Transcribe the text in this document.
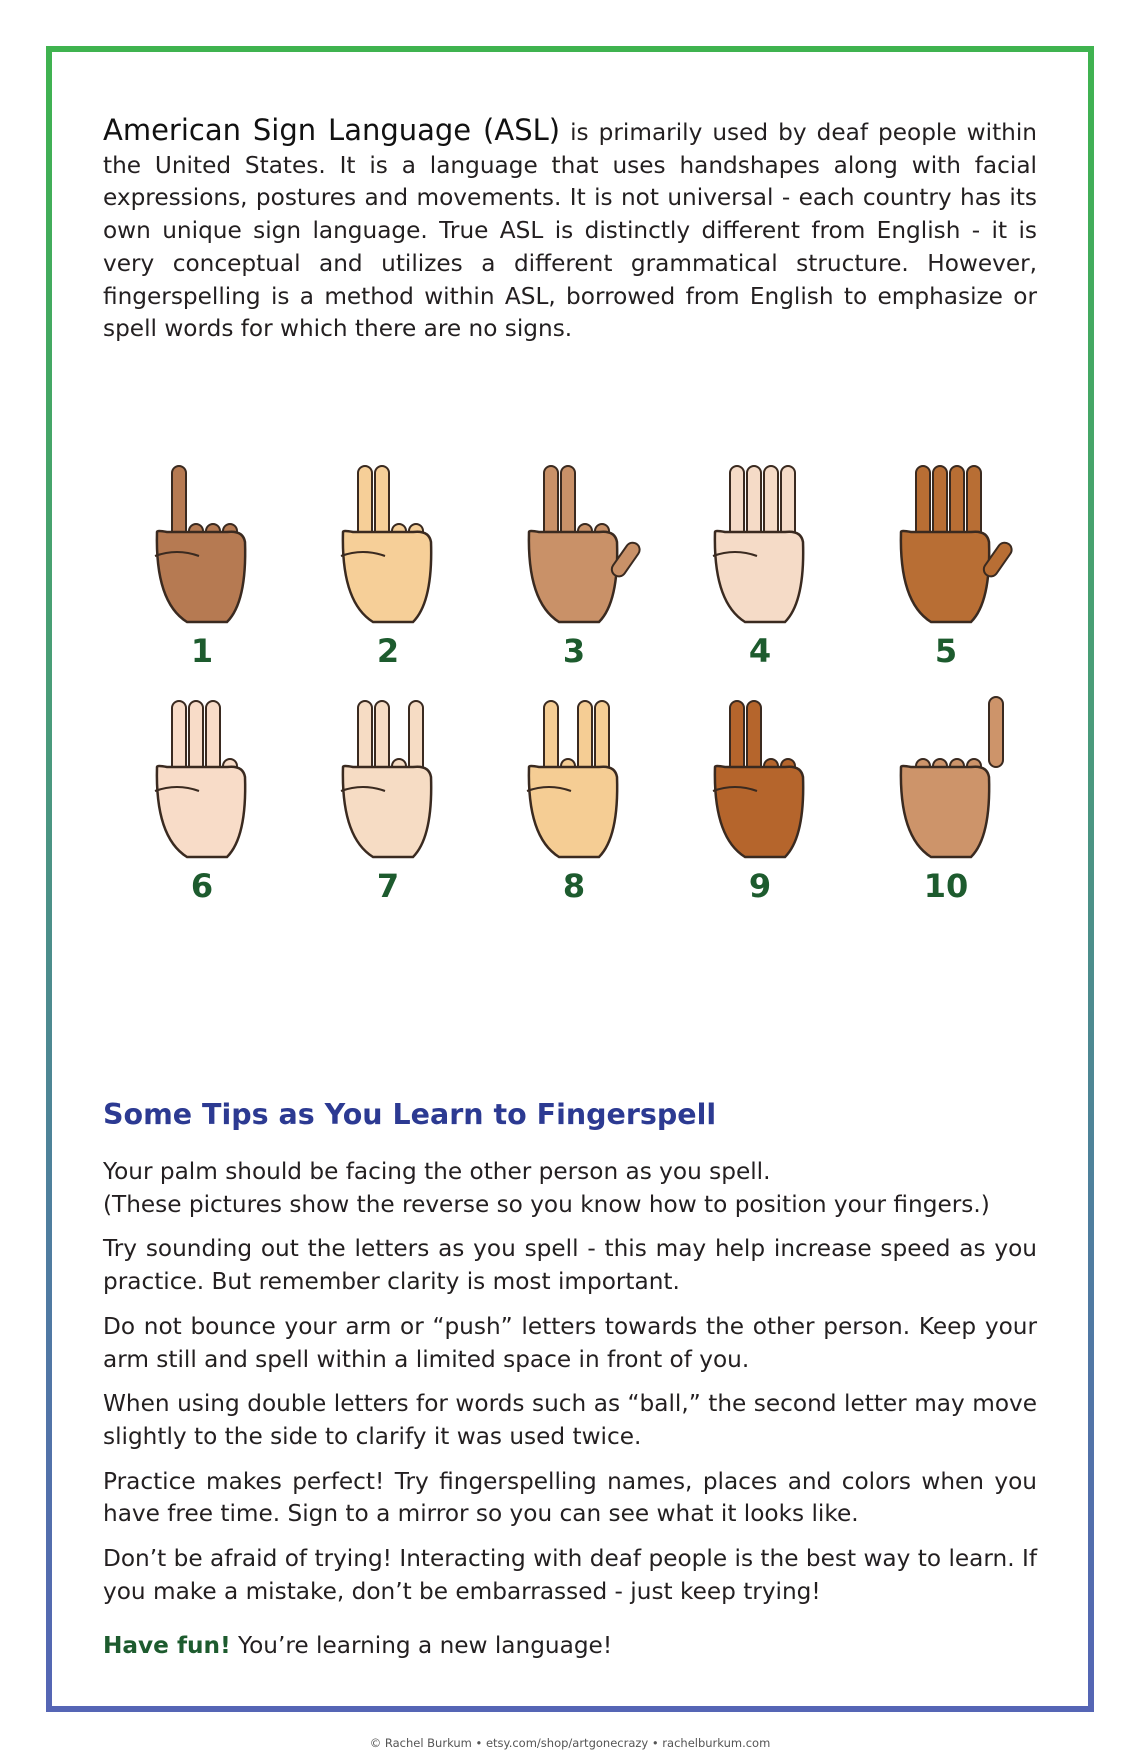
American Sign Language (ASL) is primarily used by deaf people within the United States. It is a language that uses handshapes along with facial expressions, postures and movements. It is not universal - each country has its own unique sign language. True ASL is distinctly different from English - it is very conceptual and utilizes a different grammatical structure. However, fingerspelling is a method within ASL, borrowed from English to emphasize or spell words for which there are no signs.

1	2	3	4	5
6	7	8	9	10
Some Tips as You Learn to Fingerspell

Your palm should be facing the other person as you spell.
(These pictures show the reverse so you know how to position your fingers.)

Try sounding out the letters as you spell - this may help increase speed as you practice. But remember clarity is most important.

Do not bounce your arm or “push” letters towards the other person. Keep your arm still and spell within a limited space in front of you.

When using double letters for words such as “ball,” the second letter may move slightly to the side to clarify it was used twice.

Practice makes perfect! Try fingerspelling names, places and colors when you have free time. Sign to a mirror so you can see what it looks like.

Don’t be afraid of trying! Interacting with deaf people is the best way to learn. If you make a mistake, don’t be embarrassed - just keep trying!

Have fun! You’re learning a new language!

© Rachel Burkum • etsy.com/shop/artgonecrazy • rachelburkum.com
